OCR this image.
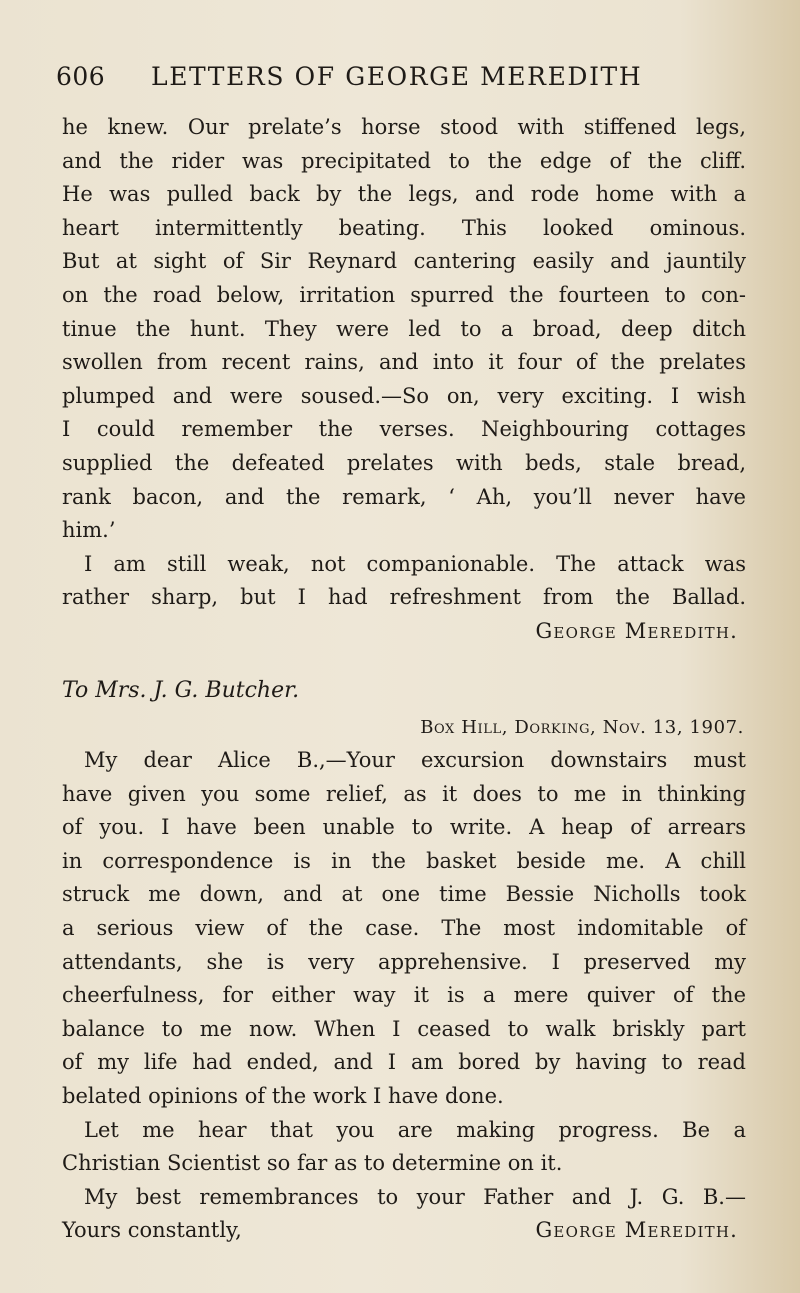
606 LETTERS OF GEORGE MEREDITH
he knew. Our prelate’s horse stood with stiffened legs,
and the rider was precipitated to the edge of the cliff.
He was pulled back by the legs, and rode home with a
heart intermittently beating. This looked ominous.
But at sight of Sir Reynard cantering easily and jauntily
on the road below, irritation spurred the fourteen to con-
tinue the hunt. They were led to a broad, deep ditch
swollen from recent rains, and into it four of the prelates
plumped and were soused.—So on, very exciting. I wish
I could remember the verses. Neighbouring cottages
supplied the defeated prelates with beds, stale bread,
rank bacon, and the remark, ‘ Ah, you’ll never have
him.’
I am still weak, not companionable. The attack was
rather sharp, but I had refreshment from the Ballad.
George Meredith.
To Mrs. J. G. Butcher.
Box Hill, Dorking, Nov. 13, 1907.
My dear Alice B.,—Your excursion downstairs must
have given you some relief, as it does to me in thinking
of you. I have been unable to write. A heap of arrears
in correspondence is in the basket beside me. A chill
struck me down, and at one time Bessie Nicholls took
a serious view of the case. The most indomitable of
attendants, she is very apprehensive. I preserved my
cheerfulness, for either way it is a mere quiver of the
balance to me now. When I ceased to walk briskly part
of my life had ended, and I am bored by having to read
belated opinions of the work I have done.
Let me hear that you are making progress. Be a
Christian Scientist so far as to determine on it.
My best remembrances to your Father and J. G. B.—
Yours constantly,	George Meredith.
